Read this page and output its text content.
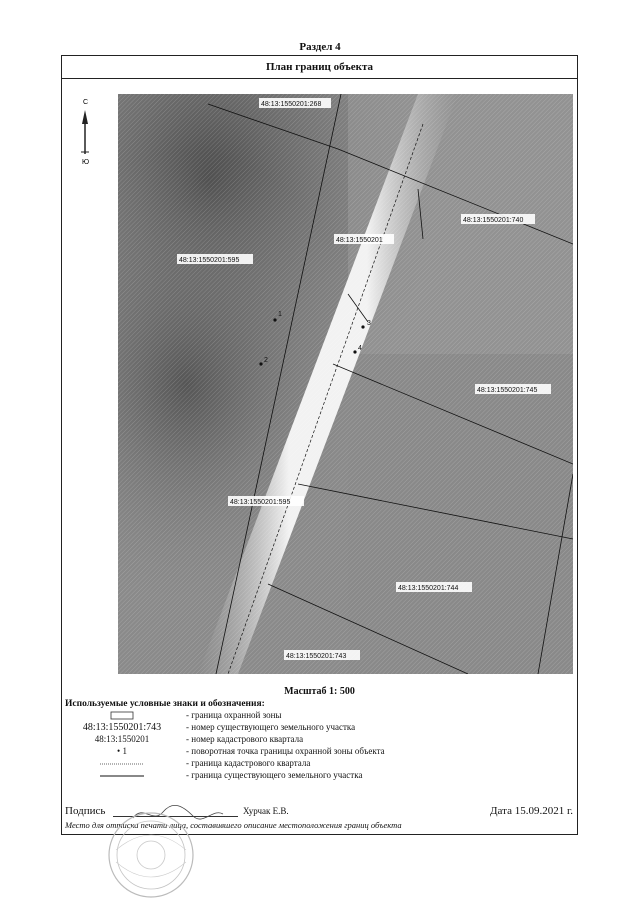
Раздел 4
План границ объекта
С
Ю
1
2
3
4
48:13:1550201:268
48:13:1550201:740
48:13:1550201
48:13:1550201:595
48:13:1550201:745
48:13:1550201:595
48:13:1550201:744
48:13:1550201:743
Масштаб 1: 500
Используемые условные знаки и обозначения:
- граница охранной зоны
48:13:1550201:743	- номер существующего земельного участка
48:13:1550201	- номер кадастрового квартала
• 1	- поворотная точка границы охранной зоны объекта
- граница кадастрового квартала
- граница существующего земельного участка
Подпись	Хурчак Е.В.	Дата 15.09.2021 г.
Место для оттиска печати лица, составившего описание местоположения границ объекта
